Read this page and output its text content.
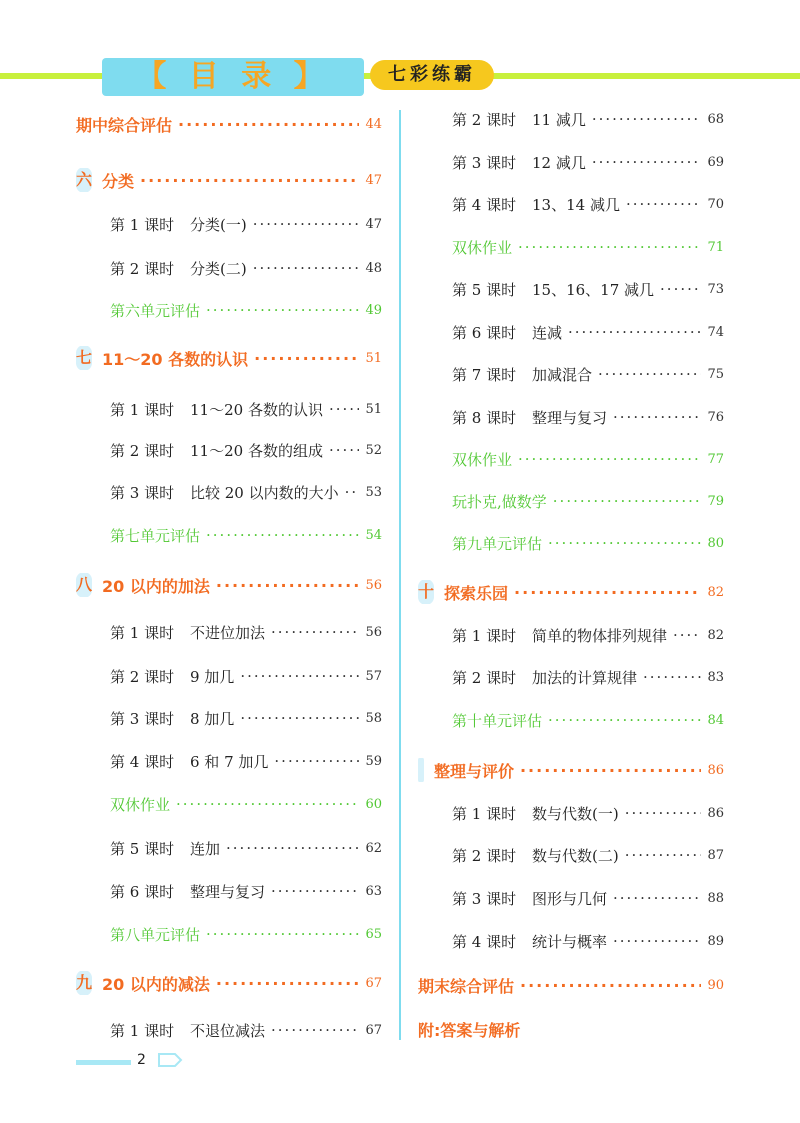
【 目 录 】	七彩练霸
期中综合评估 ·····	44
六 分类 ·····	47
第 1 课时 分类(一) ·····	47
第 2 课时 分类(二) ·····	48
第六单元评估 ·····	49
七 11～20 各数的认识 ·····	51
第 1 课时 11～20 各数的认识 ·····	51
第 2 课时 11～20 各数的组成 ·····	52
第 3 课时 比较 20 以内数的大小 ····· 53
第七单元评估 ·····	54
八 20 以内的加法 ·····	56
第 1 课时 不进位加法 ·····	56
第 2 课时 9 加几 ·····	57
第 3 课时 8 加几 ·····	58
第 4 课时 6 和 7 加几 ·····	59
双休作业 ·····	60
第 5 课时 连加 ·····	62
第 6 课时 整理与复习 ·····	63
第八单元评估 ·····	65
九 20 以内的减法 ·····	67
第 1 课时 不退位减法 ·····	67
第 2 课时 11 减几 ·····	68
第 3 课时 12 减几 ·····	69
第 4 课时 13、14 减几 ·····	70
双休作业 ·····	71
第 5 课时 15、16、17 减几 ·····	73
第 6 课时 连减 ·····	74
第 7 课时 加减混合 ·····	75
第 8 课时 整理与复习 ·····	76
双休作业 ·····	77
玩扑克,做数学 ·····	79
第九单元评估 ·····	80
十 探索乐园 ·····	82
第 1 课时 简单的物体排列规律 ·····	82
第 2 课时 加法的计算规律 ·····	83
第十单元评估 ·····	84
整理与评价 ·····	86
第 1 课时 数与代数(一) ·····	86
第 2 课时 数与代数(二) ·····	87
第 3 课时 图形与几何 ·····	88
第 4 课时 统计与概率 ·····	89
期末综合评估 ·····	90
附:答案与解析
2
